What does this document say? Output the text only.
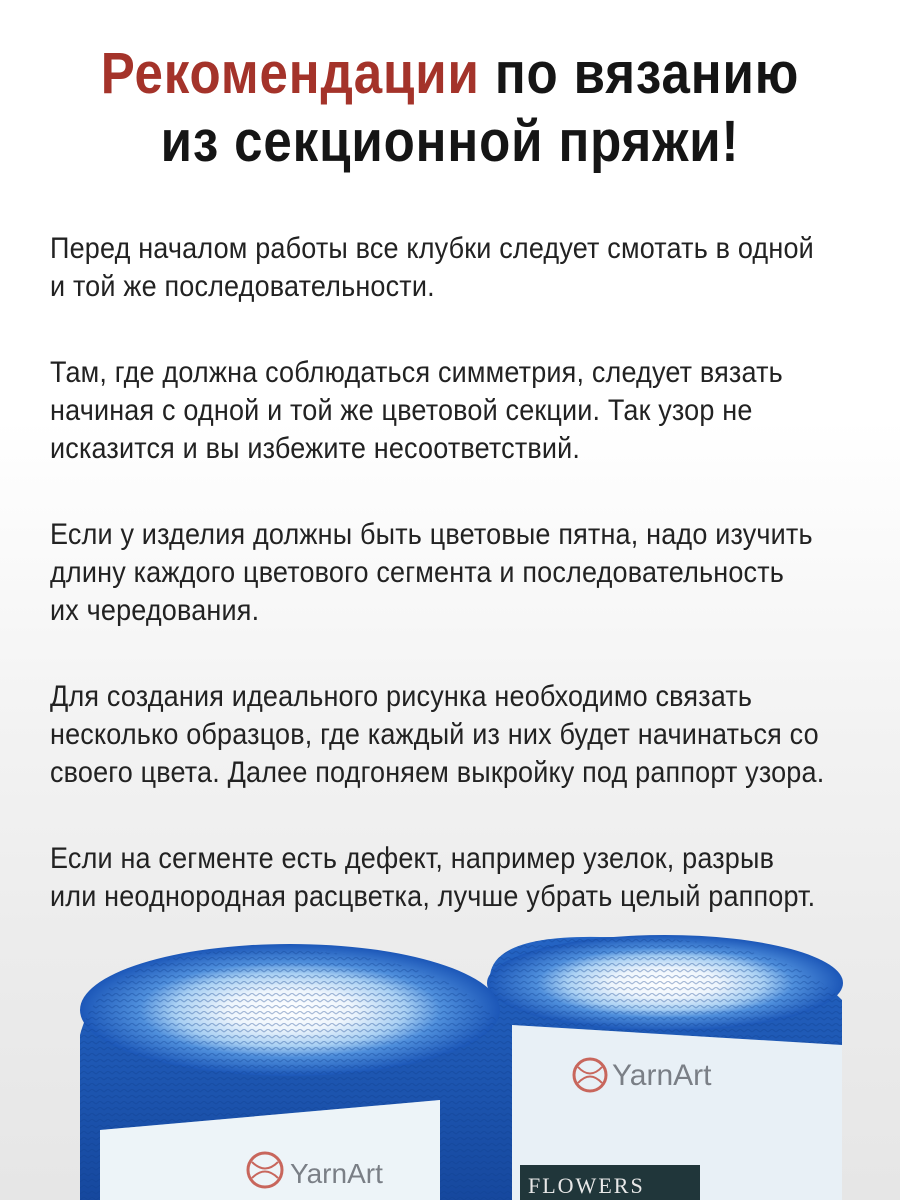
Рекомендации по вязанию
из секционной пряжи!

Перед началом работы все клубки следует смотать в одной
и той же последовательности.

Там, где должна соблюдаться симметрия, следует вязать
начиная с одной и той же цветовой секции. Так узор не
исказится и вы избежите несоответствий.

Если у изделия должны быть цветовые пятна, надо изучить
длину каждого цветового сегмента и последовательность
их чередования.

Для создания идеального рисунка необходимо связать
несколько образцов, где каждый из них будет начинаться со
своего цвета. Далее подгоняем выкройку под раппорт узора.

Если на сегменте есть дефект, например узелок, разрыв
или неоднородная расцветка, лучше убрать целый раппорт.

FLOWERS
YarnArt
YarnArt
